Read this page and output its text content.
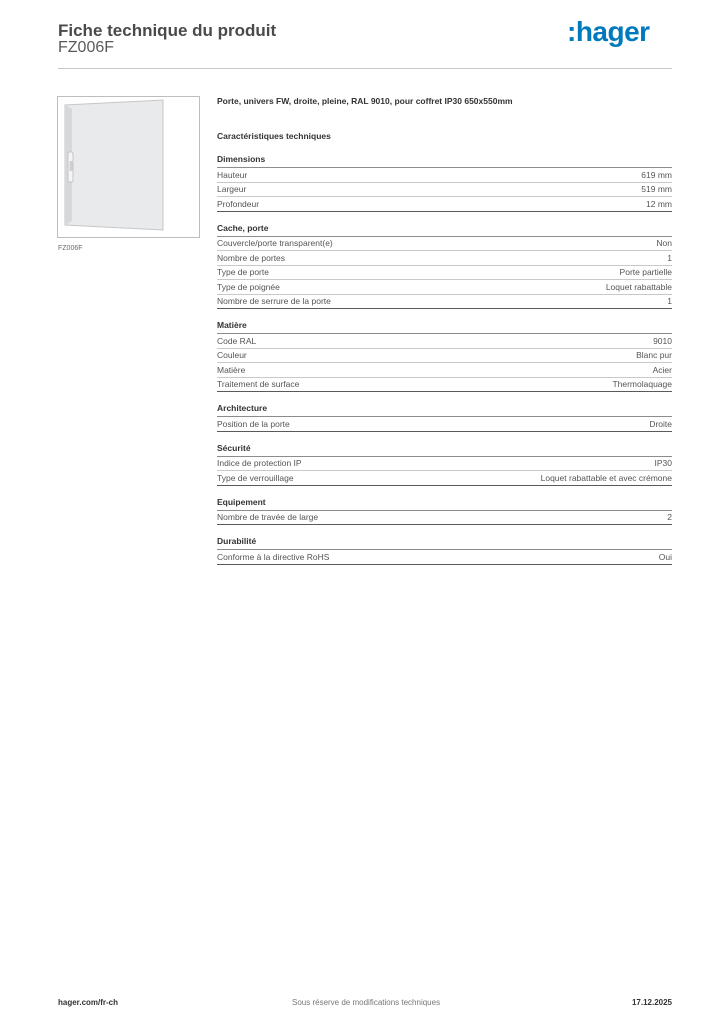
Fiche technique du produit
FZ006F
:hager
FZ006F
Porte, univers FW, droite, pleine, RAL 9010, pour coffret IP30 650x550mm
Caractéristiques techniques
Dimensions
Hauteur	619 mm
Largeur	519 mm
Profondeur	12 mm
Cache, porte
Couvercle/porte transparent(e)	Non
Nombre de portes	1
Type de porte	Porte partielle
Type de poignée	Loquet rabattable
Nombre de serrure de la porte	1
Matière
Code RAL	9010
Couleur	Blanc pur
Matière	Acier
Traitement de surface	Thermolaquage
Architecture
Position de la porte	Droite
Sécurité
Indice de protection IP	IP30
Type de verrouillage	Loquet rabattable et avec crémone
Equipement
Nombre de travée de large	2
Durabilité
Conforme à la directive RoHS	Oui
hager.com/fr-ch	Sous réserve de modifications techniques	17.12.2025
